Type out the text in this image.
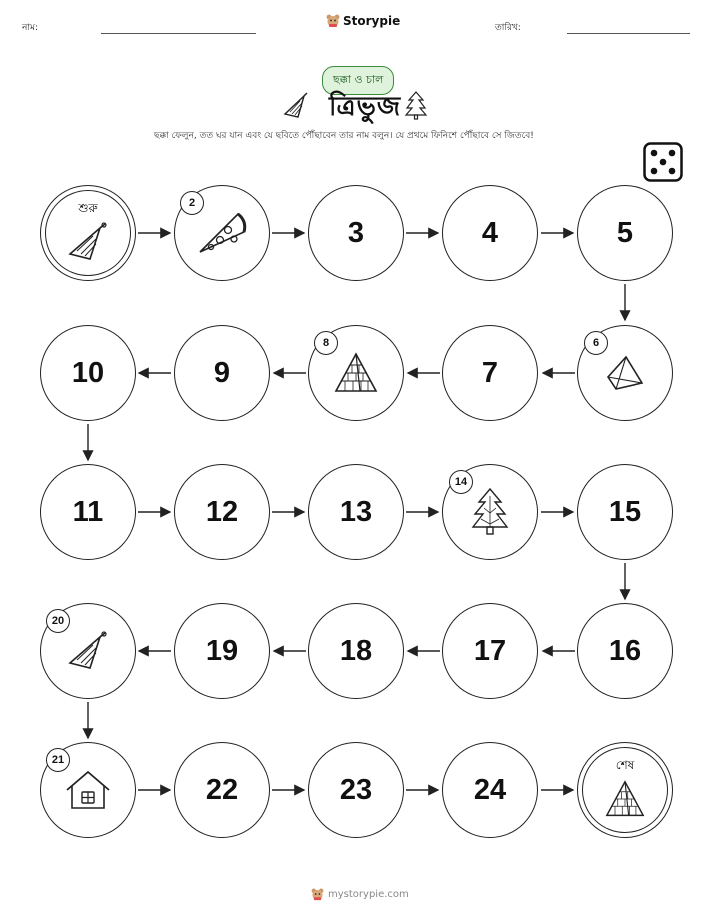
নাম:	Storypie	তারিখ:
ছক্কা ও চাল
ত্রিভুজ
ছক্কা ফেলুন, তত ঘর যান এবং যে ছবিতে পৌঁছাবেন তার নাম বলুন। যে প্রথমে ফিনিশে পৌঁছাবে সে জিতবে!
শুরু	2
3	4	5
10	9
8
7
6
11	12	13
14
15
20
19	18	17	16
21
22	23	24
শেষ
mystorypie.com
